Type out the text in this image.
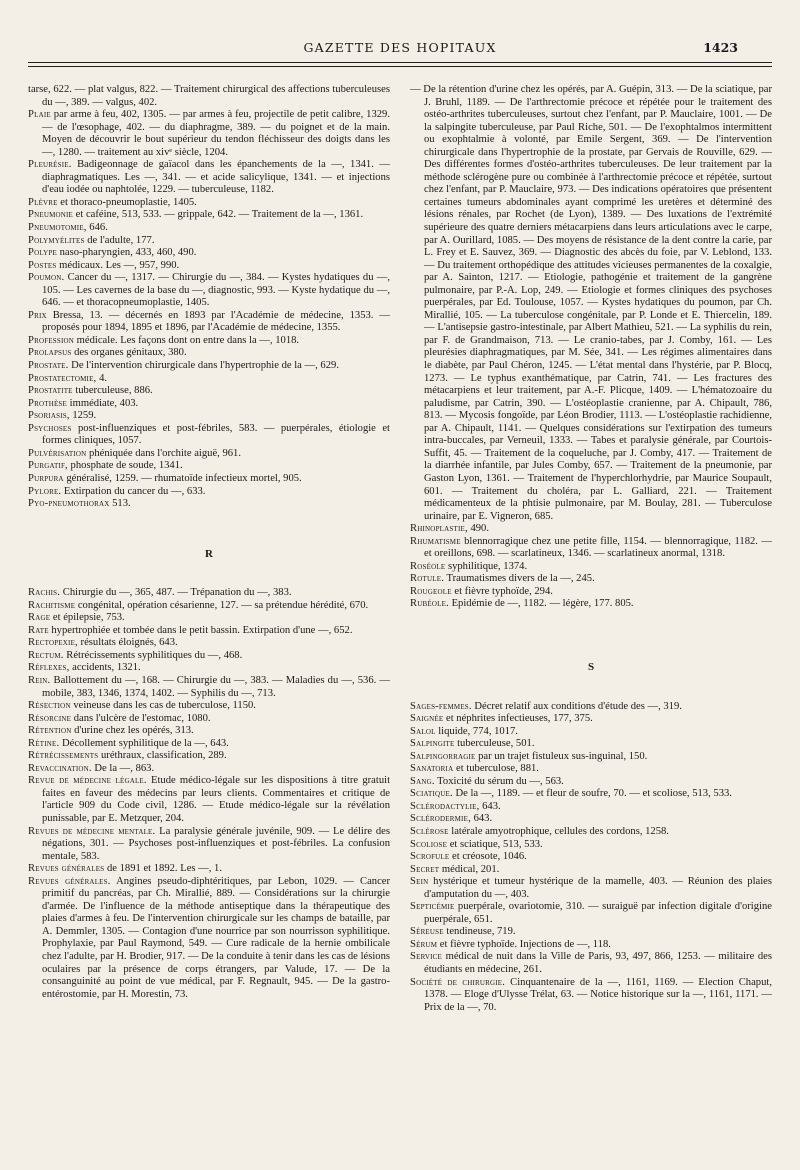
GAZETTE DES HOPITAUX	1423

tarse, 622. — plat valgus, 822. — Traitement chirurgical des affections tuberculeuses du —, 389. — valgus, 402.

Plaie par arme à feu, 402, 1305. — par armes à feu, projectile de petit calibre, 1329. — de l'œsophage, 402. — du diaphragme, 389. — du poignet et de la main. Moyen de découvrir le bout supérieur du tendon fléchisseur des doigts dans les —, 1280. — traitement au xivᵉ siècle, 1204.

Pleurésie. Badigeonnage de gaïacol dans les épanchements de la —, 1341. — diaphragmatiques. Les —, 341. — et acide salicylique, 1341. — et injections d'eau iodée ou naphtolée, 1229. — tuberculeuse, 1182.

Plèvre et thoraco-pneumoplastie, 1405.

Pneumonie et caféine, 513, 533. — grippale, 642. — Traitement de la —, 1361.

Pneumotomie, 646.

Polymyélites de l'adulte, 177.

Polype naso-pharyngien, 433, 460, 490.

Postes médicaux. Les —, 957, 990.

Poumon. Cancer du —, 1317. — Chirurgie du —, 384. — Kystes hydatiques du —, 105. — Les cavernes de la base du —, diagnostic, 993. — Kyste hydatique du —, 646. — et thoracopneumoplastie, 1405.

Prix Bressa, 13. — décernés en 1893 par l'Académie de médecine, 1353. — proposés pour 1894, 1895 et 1896, par l'Académie de médecine, 1355.

Profession médicale. Les façons dont on entre dans la —, 1018.

Prolapsus des organes génitaux, 380.

Prostate. De l'intervention chirurgicale dans l'hypertrophie de la —, 629.

Prostatectomie, 4.

Prostatite tuberculeuse, 886.

Prothèse immédiate, 403.

Psoriasis, 1259.

Psychoses post-influenziques et post-fébriles, 583. — puerpérales, étiologie et formes cliniques, 1057.

Pulvérisation phéniquée dans l'orchite aiguë, 961.

Purgatif, phosphate de soude, 1341.

Purpura généralisé, 1259. — rhumatoïde infectieux mortel, 905.

Pylore. Extirpation du cancer du —, 633.

Pyo-pneumothorax 513.

R

Rachis. Chirurgie du —, 365, 487. — Trépanation du —, 383.

Rachitisme congénital, opération césarienne, 127. — sa prétendue hérédité, 670.

Rage et épilepsie, 753.

Rate hypertrophiée et tombée dans le petit bassin. Extirpation d'une —, 652.

Rectopexie, résultats éloignés, 643.

Rectum. Rétrécissements syphilitiques du —, 468.

Réflexes, accidents, 1321.

Rein. Ballottement du —, 168. — Chirurgie du —, 383. — Maladies du —, 536. — mobile, 383, 1346, 1374, 1402. — Syphilis du —, 713.

Résection veineuse dans les cas de tuberculose, 1150.

Résorcine dans l'ulcère de l'estomac, 1080.

Rétention d'urine chez les opérés, 313.

Rétine. Décollement syphilitique de la —, 643.

Rétrécissements uréthraux, classification, 289.

Revaccination. De la —, 863.

Revue de médecine légale. Etude médico-légale sur les dispositions à titre gratuit faites en faveur des médecins par leurs clients. Commentaires et critique de l'article 909 du Code civil, 1286. — Etude médico-légale sur la révélation punissable, par E. Metzquer, 204.

Revues de médecine mentale. La paralysie générale juvénile, 909. — Le délire des négations, 301. — Psychoses post-influenziques et post-fébriles. La confusion mentale, 583.

Revues générales de 1891 et 1892. Les —, 1.

Revues générales. Angines pseudo-diphtéritiques, par Lebon, 1029. — Cancer primitif du pancréas, par Ch. Mirallié, 889. — Considérations sur la chirurgie d'armée. De l'influence de la méthode antiseptique dans la thérapeutique des plaies d'armes à feu. De l'intervention chirurgicale sur les champs de bataille, par A. Demmler, 1305. — Contagion d'une nourrice par son nourrisson syphilitique. Prophylaxie, par Paul Raymond, 549. — Cure radicale de la hernie ombilicale chez l'adulte, par H. Brodier, 917. — De la conduite à tenir dans les cas de lésions oculaires par la présence de corps étrangers, par Valude, 17. — De la consanguinité au point de vue médical, par F. Regnault, 945. — De la gastro-entérostomie, par H. Morestin, 73.

— De la rétention d'urine chez les opérés, par A. Guépin, 313. — De la sciatique, par J. Bruhl, 1189. — De l'arthrectomie précoce et répétée pour le traitement des ostéo-arthrites tuberculeuses, surtout chez l'enfant, par P. Mauclaire, 1001. — De la salpingite tuberculeuse, par Paul Riche, 501. — De l'exophtalmos intermittent ou exophtalmie à volonté, par Emile Sergent, 369. — De l'intervention chirurgicale dans l'hypertrophie de la prostate, par Gervais de Rouville, 629. — Des différentes formes d'ostéo-arthrites tuberculeuses. De leur traitement par la méthode sclérogène pure ou combinée à l'arthrectomie précoce et répétée, surtout chez l'enfant, par P. Mauclaire, 973. — Des indications opératoires que présentent certaines tumeurs abdominales ayant comprimé les uretères et déterminé des lésions rénales, par Rochet (de Lyon), 1389. — Des luxations de l'extrémité supérieure des quatre derniers métacarpiens dans leurs articulations avec le carpe, par A. Ourillard, 1085. — Des moyens de résistance de la dent contre la carie, par L. Frey et E. Sauvez, 369. — Diagnostic des abcès du foie, par V. Leblond, 133. — Du traitement orthopédique des attitudes vicieuses permanentes de la coxalgie, par A. Sainton, 1217. — Etiologie, pathogénie et traitement de la gangrène pulmonaire, par P.-A. Lop, 249. — Etiologie et formes cliniques des psychoses puerpérales, par Ed. Toulouse, 1057. — Kystes hydatiques du poumon, par Ch. Mirallié, 105. — La tuberculose congénitale, par P. Londe et E. Thiercelin, 189. — L'antisepsie gastro-intestinale, par Albert Mathieu, 521. — La syphilis du rein, par F. de Grandmaison, 713. — Le cranio-tabes, par J. Comby, 161. — Les pleurésies diaphragmatiques, par M. Sée, 341. — Les régimes alimentaires dans le diabète, par Paul Chéron, 1245. — L'état mental dans l'hystérie, par P. Blocq, 1273. — Le typhus exanthématique, par Catrin, 741. — Les fractures des métacarpiens et leur traitement, par A.-F. Plicque, 1409. — L'hématozoaire du paludisme, par Catrin, 390. — L'ostéoplastie cranienne, par A. Chipault, 786, 813. — Mycosis fongoïde, par Léon Brodier, 1113. — L'ostéoplastie rachidienne, par A. Chipault, 1141. — Quelques considérations sur l'extirpation des tumeurs intra-buccales, par Verneuil, 1333. — Tabes et paralysie générale, par Courtois-Suffit, 45. — Traitement de la coqueluche, par J. Comby, 417. — Traitement de la diarrhée infantile, par Jules Comby, 657. — Traitement de la pneumonie, par Gaston Lyon, 1361. — Traitement de l'hyperchlorhydrie, par Maurice Soupault, 601. — Traitement du choléra, par L. Galliard, 221. — Traitement médicamenteux de la phtisie pulmonaire, par M. Boulay, 281. — Tuberculose urinaire, par E. Vigneron, 685.

Rhinoplastie, 490.

Rhumatisme blennorragique chez une petite fille, 1154. — blennorragique, 1182. — et oreillons, 698. — scarlatineux, 1346. — scarlatineux anormal, 1318.

Roséole syphilitique, 1374.

Rotule. Traumatismes divers de la —, 245.

Rougeole et fièvre typhoïde, 294.

Rubéole. Epidémie de —, 1182. — légère, 177. 805.

S

Sages-femmes. Décret relatif aux conditions d'étude des —, 319.

Saignée et néphrites infectieuses, 177, 375.

Salol liquide, 774, 1017.

Salpingite tuberculeuse, 501.

Salpingorragie par un trajet fistuleux sus-inguinal, 150.

Sanatoria et tuberculose, 881.

Sang. Toxicité du sérum du —, 563.

Sciatique. De la —, 1189. — et fleur de soufre, 70. — et scoliose, 513, 533.

Sclérodactylie, 643.

Sclérodermie, 643.

Sclérose latérale amyotrophique, cellules des cordons, 1258.

Scoliose et sciatique, 513, 533.

Scrofule et créosote, 1046.

Secret médical, 201.

Sein hystérique et tumeur hystérique de la mamelle, 403. — Réunion des plaies d'amputation du —, 403.

Septicémie puerpérale, ovariotomie, 310. — suraiguë par infection digitale d'origine puerpérale, 651.

Séreuse tendineuse, 719.

Sérum et fièvre typhoïde. Injections de —, 118.

Service médical de nuit dans la Ville de Paris, 93, 497, 866, 1253. — militaire des étudiants en médecine, 261.

Société de chirurgie. Cinquantenaire de la —, 1161, 1169. — Election Chaput, 1378. — Eloge d'Ulysse Trélat, 63. — Notice historique sur la —, 1161, 1171. — Prix de la —, 70.
